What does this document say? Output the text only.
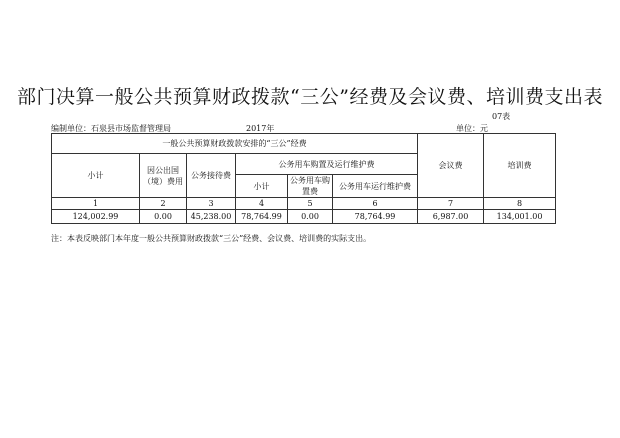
部门决算一般公共预算财政拨款“三公”经费及会议费、培训费支出表
07表
编制单位：石泉县市场监督管理局	2017年	单位：元
一般公共预算财政拨款安排的“三公”经费						会议费	培训费
小计	因公出国（境）费用	公务接待费	公务用车购置及运行维护费				
			小计	公务用车购置费	公务用车运行维护费		
1	2	3	4	5	6	7	8
124,002.99	0.00	45,238.00	78,764.99	0.00	78,764.99	6,987.00	134,001.00
注：本表反映部门本年度一般公共预算财政拨款“三公”经费、会议费、培训费的实际支出。
